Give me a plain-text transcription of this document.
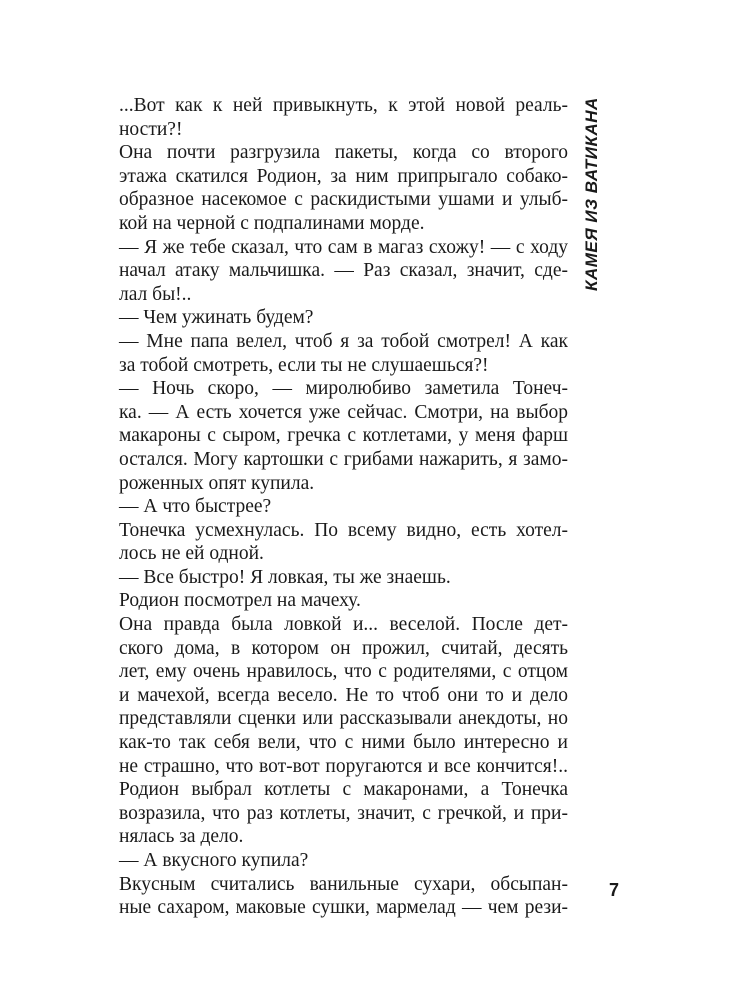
...Вот как к ней привыкнуть, к этой новой реаль-
ности?!
Она почти разгрузила пакеты, когда со второго
этажа скатился Родион, за ним припрыгало собако-
образное насекомое с раскидистыми ушами и улыб-
кой на черной с подпалинами морде.
— Я же тебе сказал, что сам в магаз схожу! — с ходу
начал атаку мальчишка. — Раз сказал, значит, сде-
лал бы!..
— Чем ужинать будем?
— Мне папа велел, чтоб я за тобой смотрел! А как
за тобой смотреть, если ты не слушаешься?!
— Ночь скоро, — миролюбиво заметила Тонеч-
ка. — А есть хочется уже сейчас. Смотри, на выбор
макароны с сыром, гречка с котлетами, у меня фарш
остался. Могу картошки с грибами нажарить, я замо-
роженных опят купила.
— А что быстрее?
Тонечка усмехнулась. По всему видно, есть хотел-
лось не ей одной.
— Все быстро! Я ловкая, ты же знаешь.
Родион посмотрел на мачеху.
Она правда была ловкой и... веселой. После дет-
ского дома, в котором он прожил, считай, десять
лет, ему очень нравилось, что с родителями, с отцом
и мачехой, всегда весело. Не то чтоб они то и дело
представляли сценки или рассказывали анекдоты, но
как-то так себя вели, что с ними было интересно и
не страшно, что вот-вот поругаются и все кончится!..
Родион выбрал котлеты с макаронами, а Тонечка
возразила, что раз котлеты, значит, с гречкой, и при-
нялась за дело.
— А вкусного купила?
Вкусным считались ванильные сухари, обсыпан-
ные сахаром, маковые сушки, мармелад — чем рези-
КАМЕЯ ИЗ ВАТИКАНА
7
